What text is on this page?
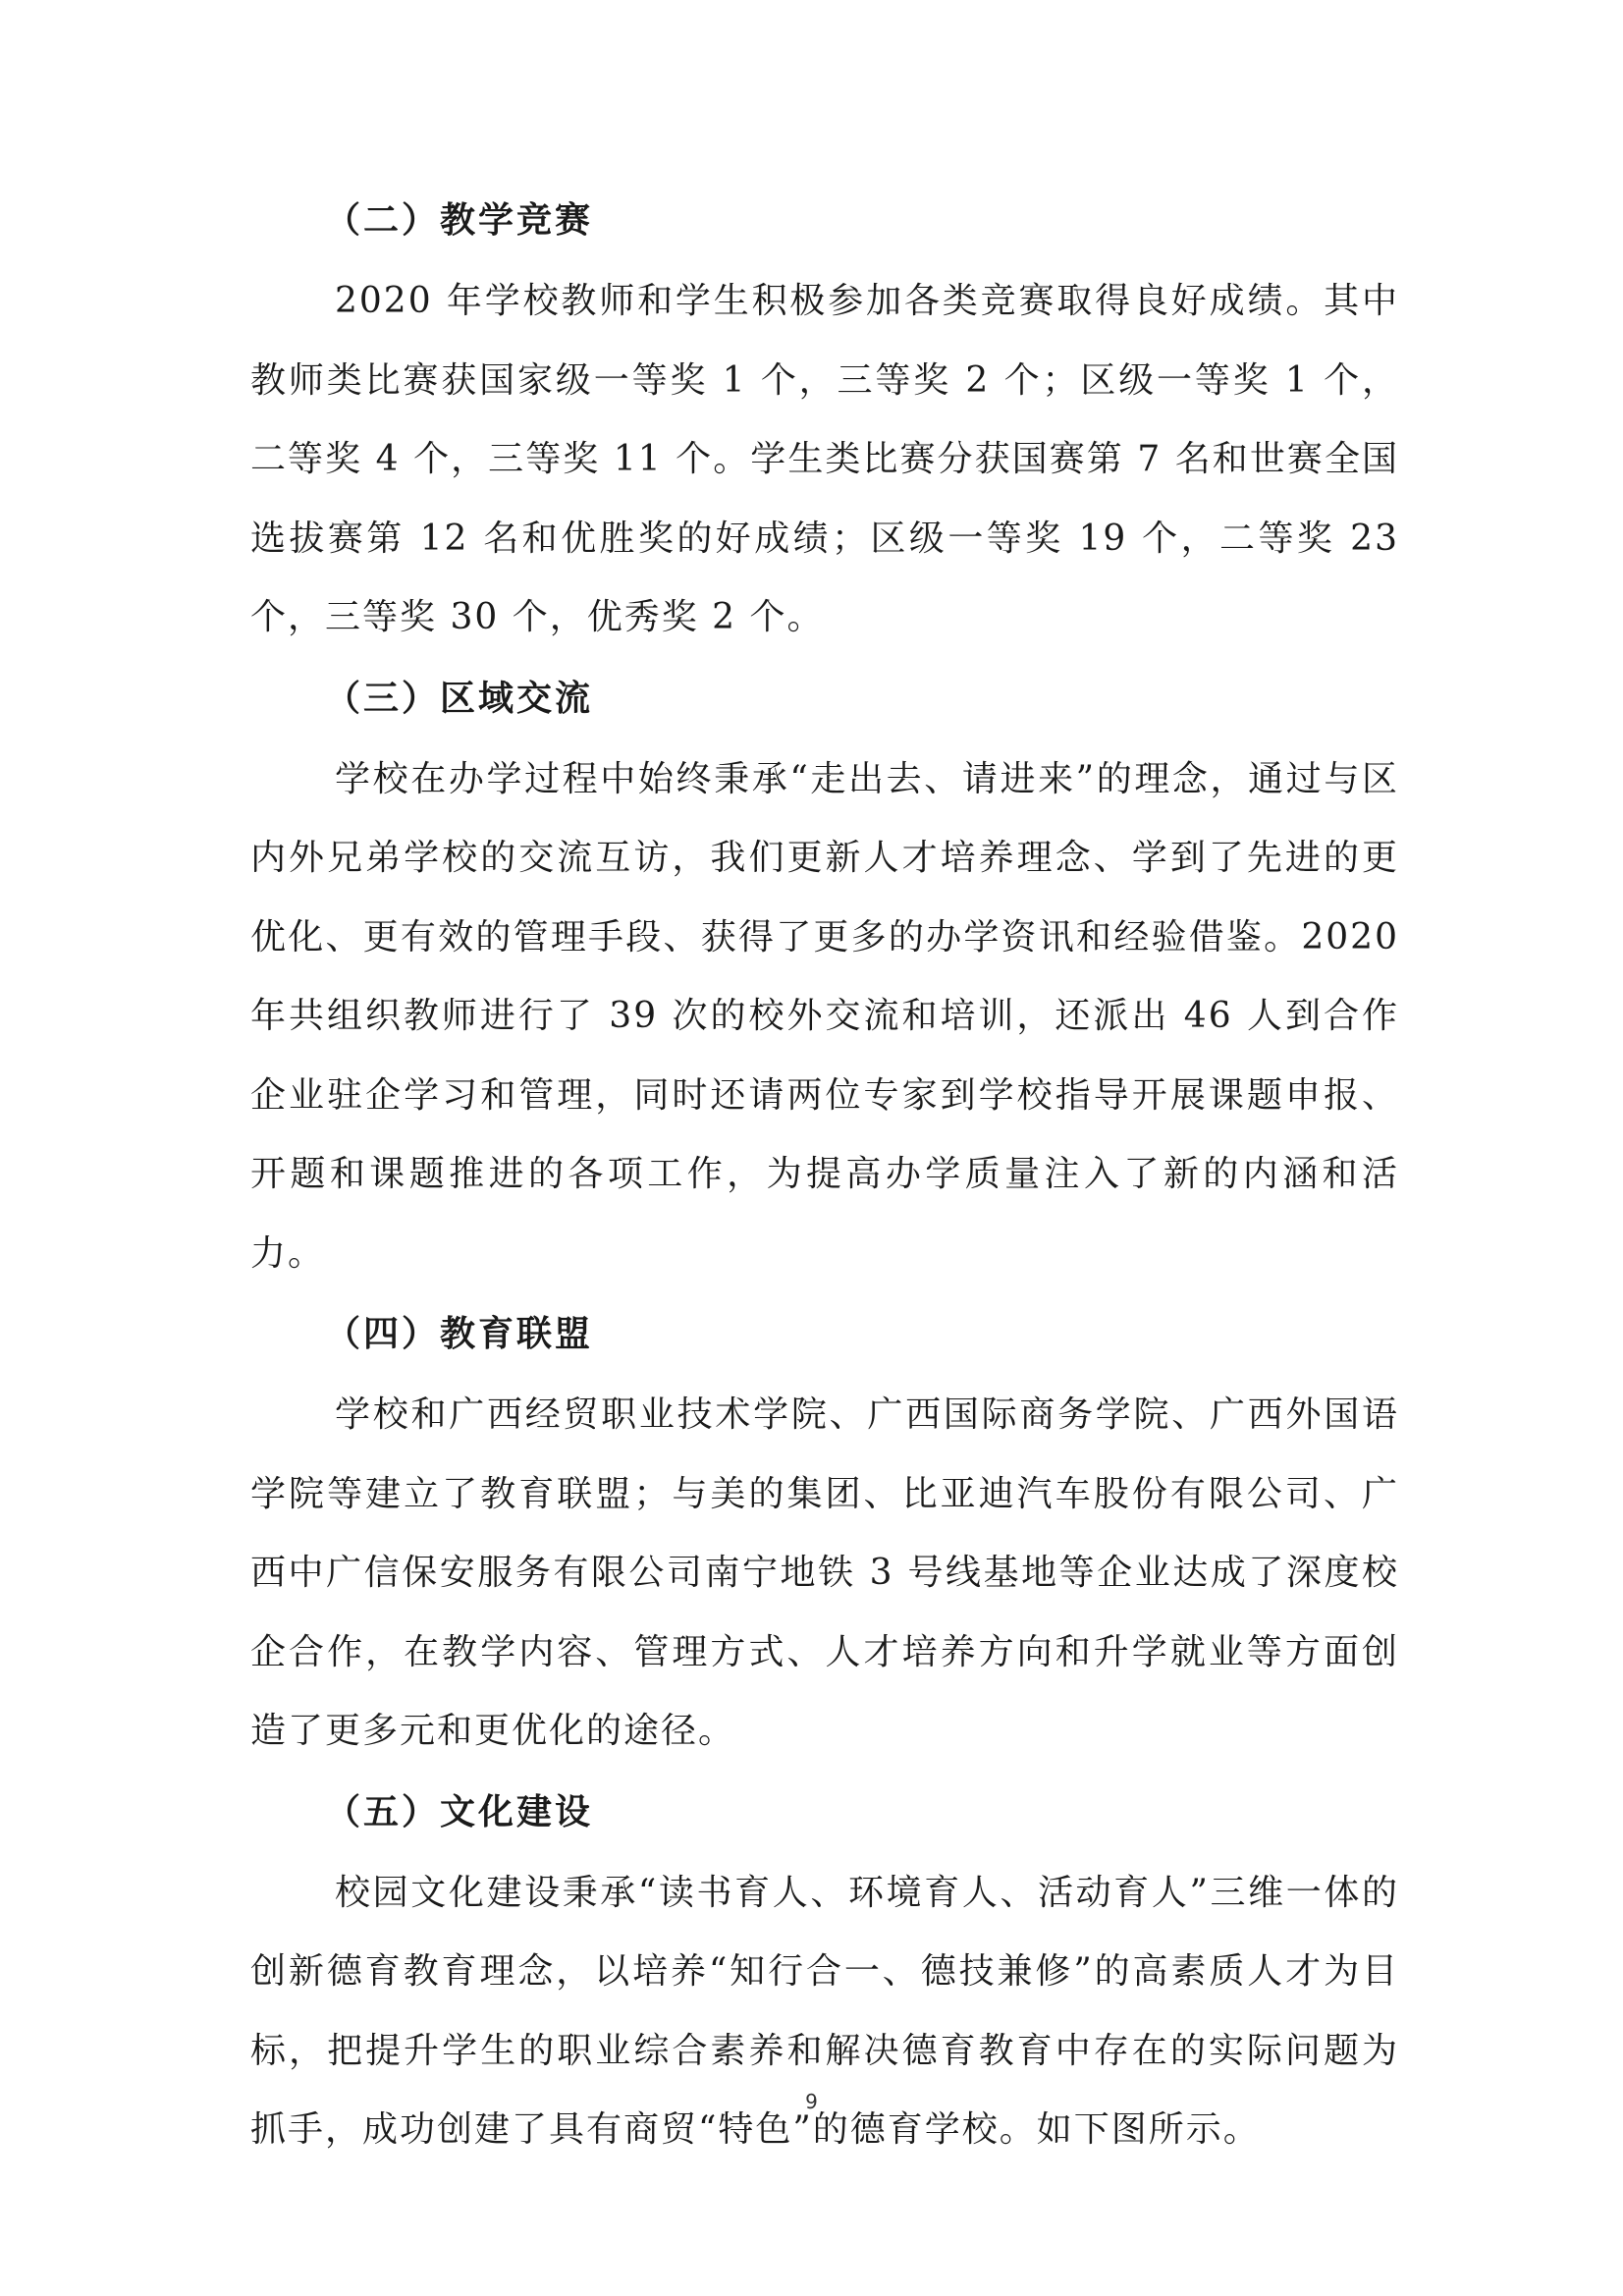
（二）教学竞赛

2020 年学校教师和学生积极参加各类竞赛取得良好成绩。其中教师类比赛获国家级一等奖 1 个，三等奖 2 个；区级一等奖 1 个，二等奖 4 个，三等奖 11 个。学生类比赛分获国赛第 7 名和世赛全国选拔赛第 12 名和优胜奖的好成绩；区级一等奖 19 个，二等奖 23 个，三等奖 30 个，优秀奖 2 个。

（三）区域交流

学校在办学过程中始终秉承“走出去、请进来”的理念，通过与区内外兄弟学校的交流互访，我们更新人才培养理念、学到了先进的更优化、更有效的管理手段、获得了更多的办学资讯和经验借鉴。2020 年共组织教师进行了 39 次的校外交流和培训，还派出 46 人到合作企业驻企学习和管理，同时还请两位专家到学校指导开展课题申报、开题和课题推进的各项工作，为提高办学质量注入了新的内涵和活力。

（四）教育联盟

学校和广西经贸职业技术学院、广西国际商务学院、广西外国语学院等建立了教育联盟；与美的集团、比亚迪汽车股份有限公司、广西中广信保安服务有限公司南宁地铁 3 号线基地等企业达成了深度校企合作，在教学内容、管理方式、人才培养方向和升学就业等方面创造了更多元和更优化的途径。

（五）文化建设

校园文化建设秉承“读书育人、环境育人、活动育人”三维一体的创新德育教育理念，以培养“知行合一、德技兼修”的高素质人才为目标，把提升学生的职业综合素养和解决德育教育中存在的实际问题为抓手，成功创建了具有商贸“特色”的德育学校。如下图所示。

9
